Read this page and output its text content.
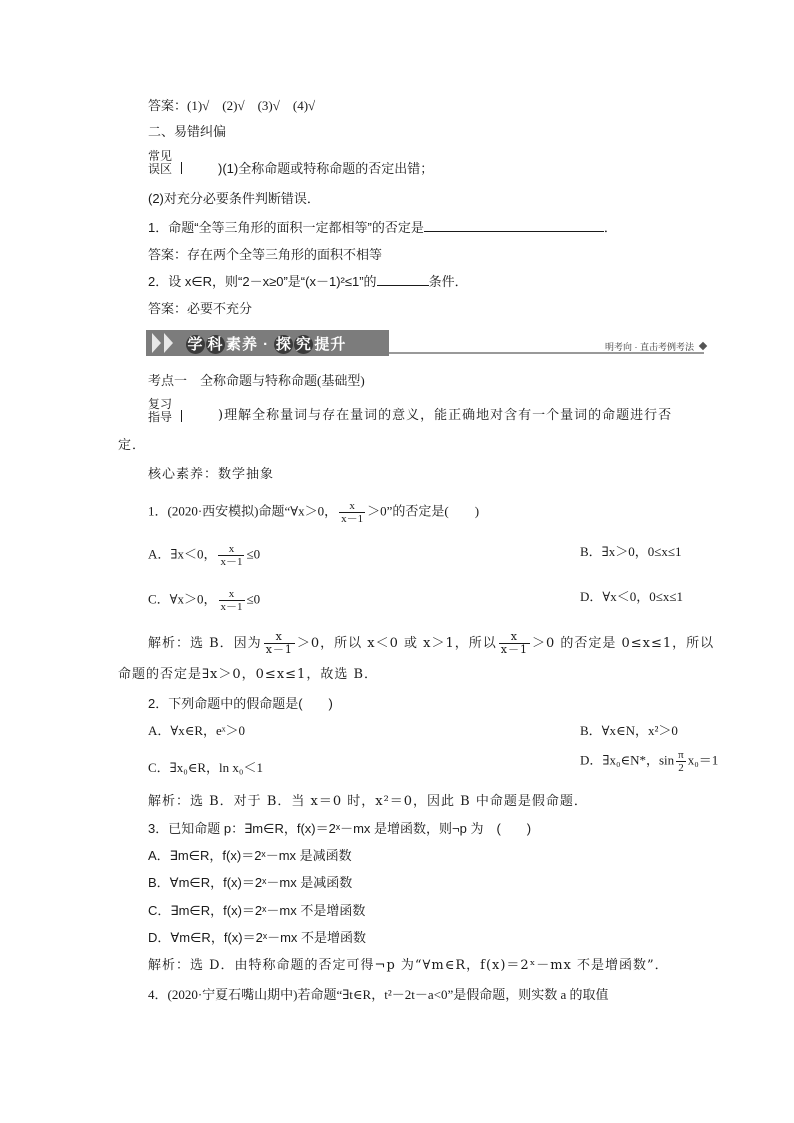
答案：(1)√　(2)√　(3)√　(4)√
二、易错纠偏
常见
误区	)(1)全称命题或特称命题的否定出错；
(2)对充分必要条件判断错误．
1．命题“全等三角形的面积一定都相等”的否定是	．
答案：存在两个全等三角形的面积不相等
2．设 x∈R，则“2－x≥0”是“(x－1)²≤1”的	条件．
答案：必要不充分
学 科 素养 · 探 究 提升	明考向 · 直击考例考法
考点一　全称命题与特称命题(基础型)
复习
指导	)理解全称量词与存在量词的意义，能正确地对含有一个量词的命题进行否
定．
核心素养：数学抽象
1．(2020·西安模拟)命题“∀x＞0， $\frac{x}{x-1} >0$”的否定是(　　)
A．∃x＜0， $\frac{x}{x-1} \le 0$	B．∃x＞0，0≤x≤1
C．∀x＞0， $\frac{x}{x-1} \le 0$	D．∀x＜0，0≤x≤1
解析：选 B．因为 $\frac{x}{x-1} >0$，所以 x＜0 或 x＞1，所以 $\frac{x}{x-1} >0$ 的否定是 0≤x≤1，所以
命题的否定是∃x＞0，0≤x≤1，故选 B．
2．下列命题中的假命题是(　　)
A．∀x∈R，eˣ＞0	B．∀x∈N，x²＞0
C．∃x₀∈R，ln x₀＜1
D．∃x₀∈N*，$\sin \frac{\pi}{2} x_0=1$
解析：选 B．对于 B．当 x＝0 时，x²＝0，因此 B 中命题是假命题．
3．已知命题 p：∃m∈R，f(x)＝2ˣ－mx 是增函数，则¬p 为　(　　)
A．∃m∈R，f(x)＝2ˣ－mx 是减函数
B．∀m∈R，f(x)＝2ˣ－mx 是减函数
C．∃m∈R，f(x)＝2ˣ－mx 不是增函数
D．∀m∈R，f(x)＝2ˣ－mx 不是增函数
解析：选 D．由特称命题的否定可得¬p 为“∀m∈R，f(x)＝2ˣ－mx 不是增函数”．
4．(2020·宁夏石嘴山期中)若命题“∃t∈R，t²－2t－a<0”是假命题，则实数 a 的取值
